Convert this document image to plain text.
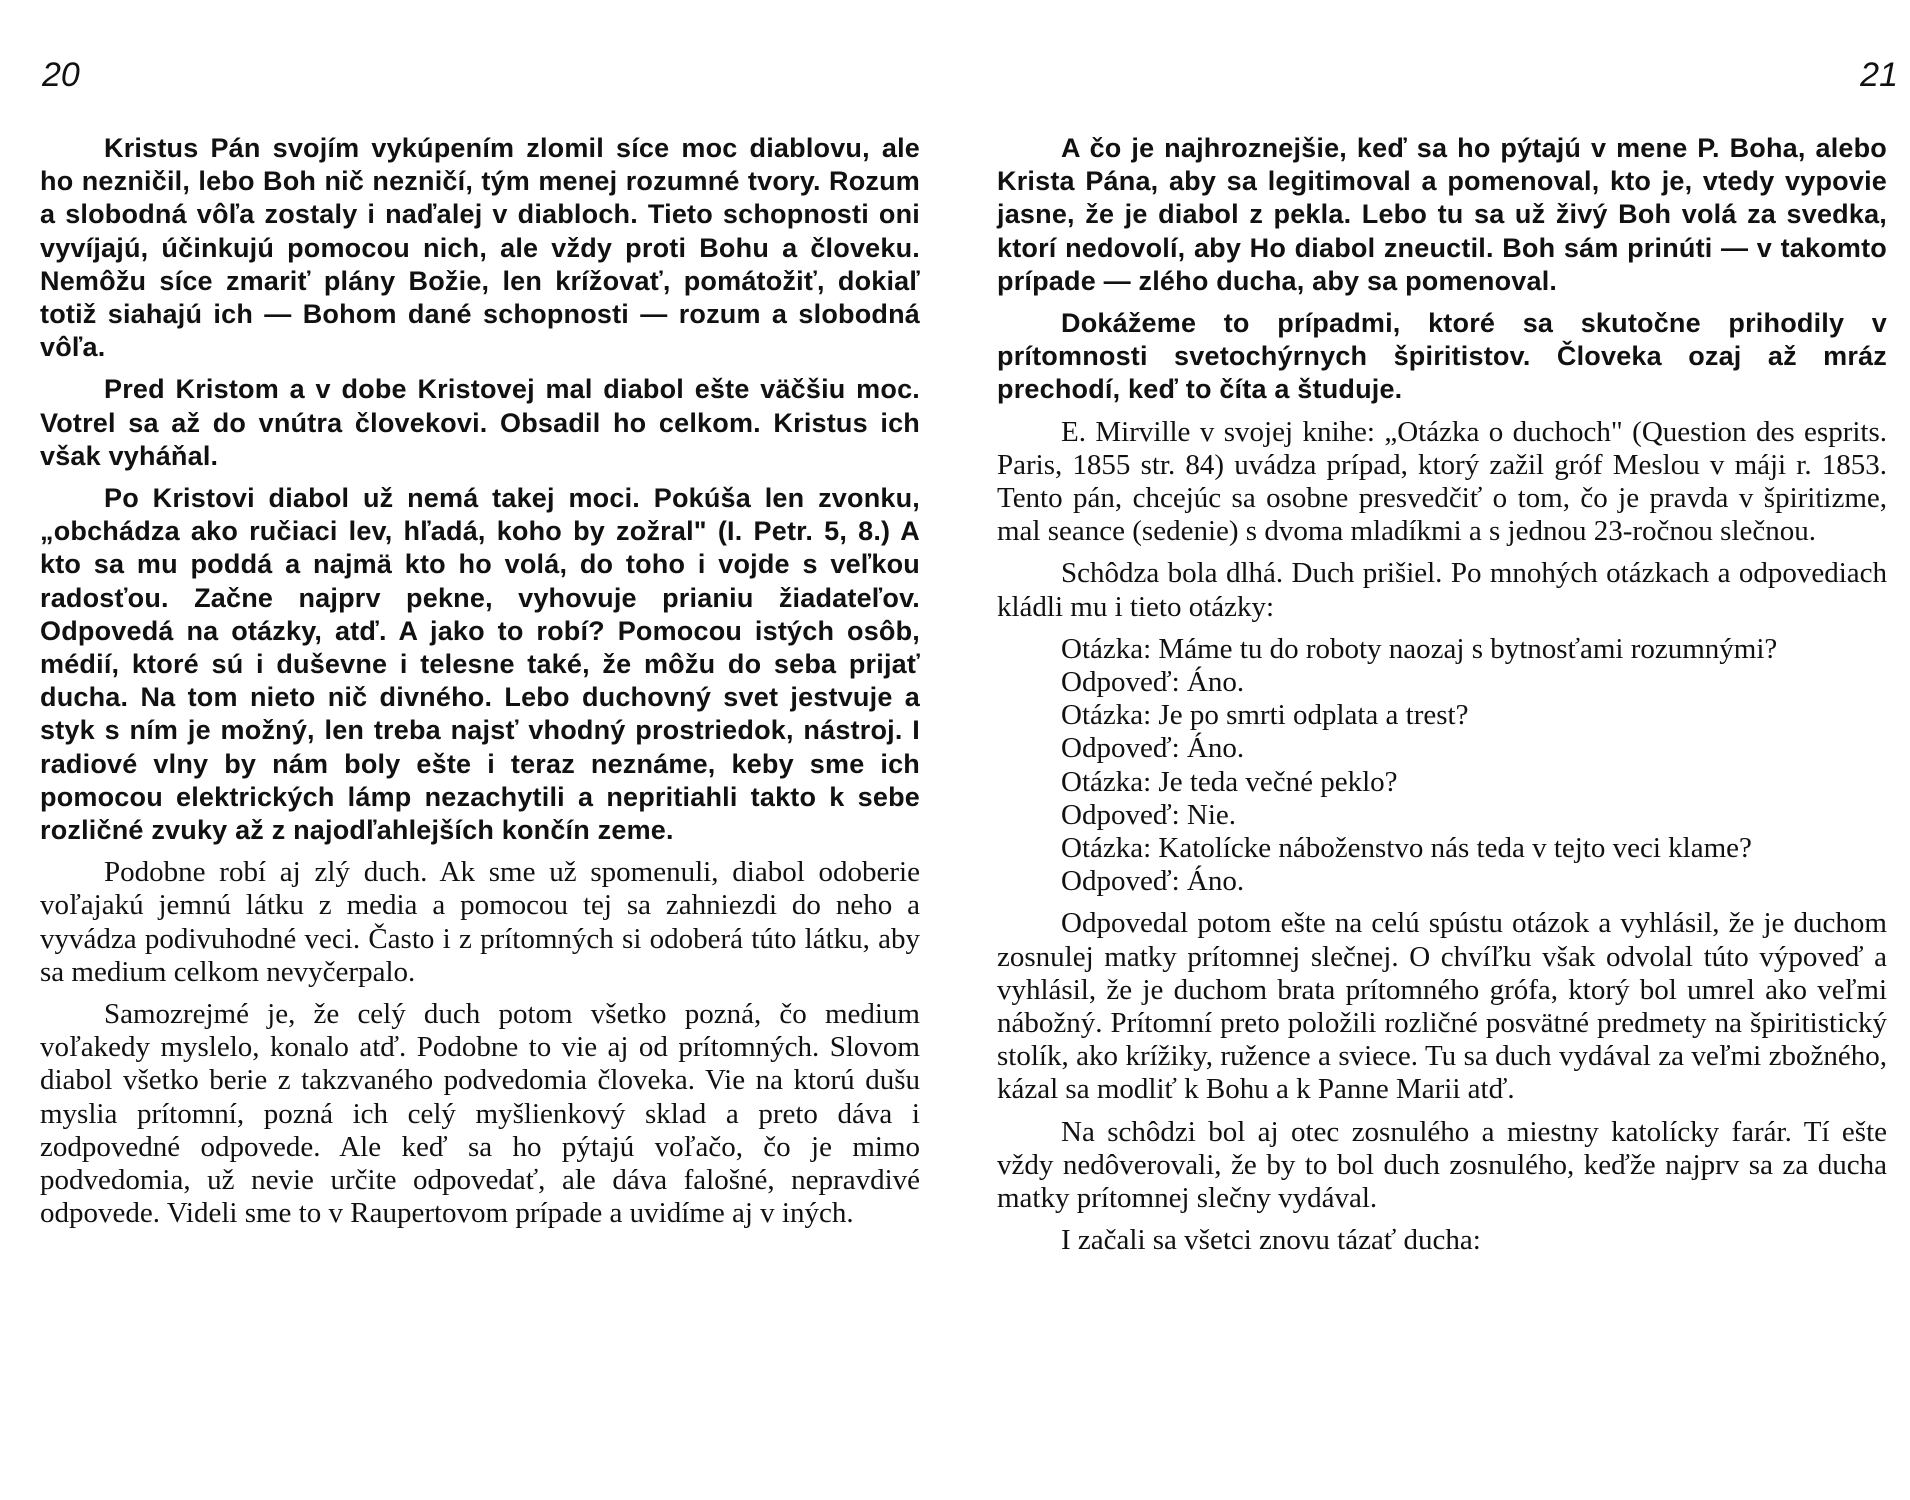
20	21

Kristus Pán svojím vykúpením zlomil síce moc diablovu, ale ho nezničil, lebo Boh nič nezničí, tým menej rozumné tvory. Rozum a slobodná vôľa zostaly i naďalej v diabloch. Tieto schopnosti oni vyvíjajú, účinkujú pomocou nich, ale vždy proti Bohu a človeku. Nemôžu síce zmariť plány Božie, len krížovať, pomátožiť, dokiaľ totiž siahajú ich — Bohom dané schopnosti — rozum a slobodná vôľa.

Pred Kristom a v dobe Kristovej mal diabol ešte väčšiu moc. Votrel sa až do vnútra človekovi. Obsadil ho celkom. Kristus ich však vyháňal.

Po Kristovi diabol už nemá takej moci. Pokúša len zvonku, „obchádza ako ručiaci lev, hľadá, koho by zožral" (I. Petr. 5, 8.) A kto sa mu poddá a najmä kto ho volá, do toho i vojde s veľkou radosťou. Začne najprv pekne, vyhovuje prianiu žiadateľov. Odpovedá na otázky, atď. A jako to robí? Pomocou istých osôb, médií, ktoré sú i duševne i telesne také, že môžu do seba prijať ducha. Na tom nieto nič divného. Lebo duchovný svet jestvuje a styk s ním je možný, len treba najsť vhodný prostriedok, nástroj. I radiové vlny by nám boly ešte i teraz neznáme, keby sme ich pomocou elektrických lámp nezachytili a nepritiahli takto k sebe rozličné zvuky až z najodľahlejších končín zeme.

Podobne robí aj zlý duch. Ak sme už spomenuli, diabol odoberie voľajakú jemnú látku z media a pomocou tej sa zahniezdi do neho a vyvádza podivuhodné veci. Často i z prítomných si odoberá túto látku, aby sa medium celkom nevyčerpalo.

Samozrejmé je, že celý duch potom všetko pozná, čo medium voľakedy myslelo, konalo atď. Podobne to vie aj od prítomných. Slovom diabol všetko berie z takzvaného podvedomia človeka. Vie na ktorú dušu myslia prítomní, pozná ich celý myšlienkový sklad a preto dáva i zodpovedné odpovede. Ale keď sa ho pýtajú voľačo, čo je mimo podvedomia, už nevie určite odpovedať, ale dáva falošné, nepravdivé odpovede. Videli sme to v Raupertovom prípade a uvidíme aj v iných.

A čo je najhroznejšie, keď sa ho pýtajú v mene P. Boha, alebo Krista Pána, aby sa legitimoval a pomenoval, kto je, vtedy vypovie jasne, že je diabol z pekla. Lebo tu sa už živý Boh volá za svedka, ktorí nedovolí, aby Ho diabol zneuctil. Boh sám prinúti — v takomto prípade — zlého ducha, aby sa pomenoval.

Dokážeme to prípadmi, ktoré sa skutočne prihodily v prítomnosti svetochýrnych špiritistov. Človeka ozaj až mráz prechodí, keď to číta a študuje.

E. Mirville v svojej knihe: „Otázka o duchoch" (Question des esprits. Paris, 1855 str. 84) uvádza prípad, ktorý zažil gróf Meslou v máji r. 1853. Tento pán, chcejúc sa osobne presvedčiť o tom, čo je pravda v špiritizme, mal seance (sedenie) s dvoma mladíkmi a s jednou 23-ročnou slečnou.

Schôdza bola dlhá. Duch prišiel. Po mnohých otázkach a odpovediach kládli mu i tieto otázky:

Otázka: Máme tu do roboty naozaj s bytnosťami rozumnými?

Odpoveď: Áno.

Otázka: Je po smrti odplata a trest?

Odpoveď: Áno.

Otázka: Je teda večné peklo?

Odpoveď: Nie.

Otázka: Katolícke náboženstvo nás teda v tejto veci klame?

Odpoveď: Áno.

Odpovedal potom ešte na celú spústu otázok a vyhlásil, že je duchom zosnulej matky prítomnej slečnej. O chvíľku však odvolal túto výpoveď a vyhlásil, že je duchom brata prítomného grófa, ktorý bol umrel ako veľmi nábožný. Prítomní preto položili rozličné posvätné predmety na špiritistický stolík, ako krížiky, ružence a sviece. Tu sa duch vydával za veľmi zbožného, kázal sa modliť k Bohu a k Panne Marii atď.

Na schôdzi bol aj otec zosnulého a miestny katolícky farár. Tí ešte vždy nedôverovali, že by to bol duch zosnulého, keďže najprv sa za ducha matky prítomnej slečny vydával.

I začali sa všetci znovu tázať ducha:
